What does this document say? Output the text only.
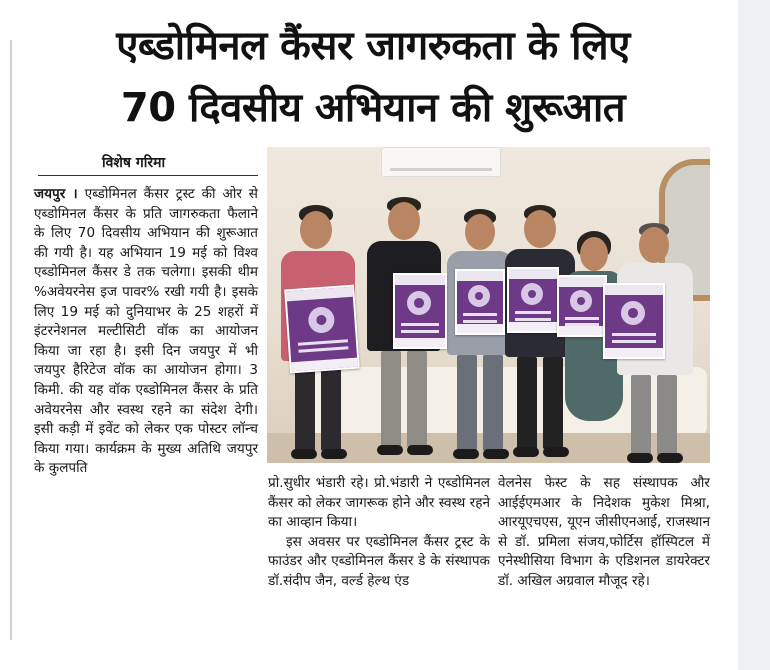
एब्डोमिनल कैंसर जागरुकता के लिए
70 दिवसीय अभियान की शुरूआत
विशेष गरिमा

जयपुर । एब्डोमिनल कैंसर ट्रस्ट की ओर से एब्डोमिनल कैंसर के प्रति जागरुकता फैलाने के लिए 70 दिवसीय अभियान की शुरूआत की गयी है। यह अभियान 19 मई को विश्व एब्डोमिनल कैंसर डे तक चलेगा। इसकी थीम %अवेयरनेस इज पावर% रखी गयी है। इसके लिए 19 मई को दुनियाभर के 25 शहरों में इंटरनेशनल मल्टीसिटी वॉक का आयोजन किया जा रहा है। इसी दिन जयपुर में भी जयपुर हैरिटेज वॉक का आयोजन होगा। 3 किमी. की यह वॉक एब्डोमिनल कैंसर के प्रति अवेयरनेस और स्वस्थ रहने का संदेश देगी। इसी कड़ी में इवेंट को लेकर एक पोस्टर लॉन्च किया गया। कार्यक्रम के मुख्य अतिथि जयपुर के कुलपति

प्रो.सुधीर भंडारी रहे। प्रो.भंडारी ने एब्डोमिनल कैंसर को लेकर जागरूक होने और स्वस्थ रहने का आव्हान किया।

इस अवसर पर एब्डोमिनल कैंसर ट्रस्ट के फाउंडर और एब्डोमिनल कैंसर डे के संस्थापक डॉ.संदीप जैन, वर्ल्ड हेल्थ एंड

वेलनेस फेस्ट के सह संस्थापक और आईईएमआर के निदेशक मुकेश मिश्रा, आरयूएचएस, यूएन जीसीएनआई, राजस्थान से डॉ. प्रमिला संजय,फोर्टिस हॉस्पिटल में एनेस्थीसिया विभाग के एडिशनल डायरेक्टर डॉ. अखिल अग्रवाल मौजूद रहे।
